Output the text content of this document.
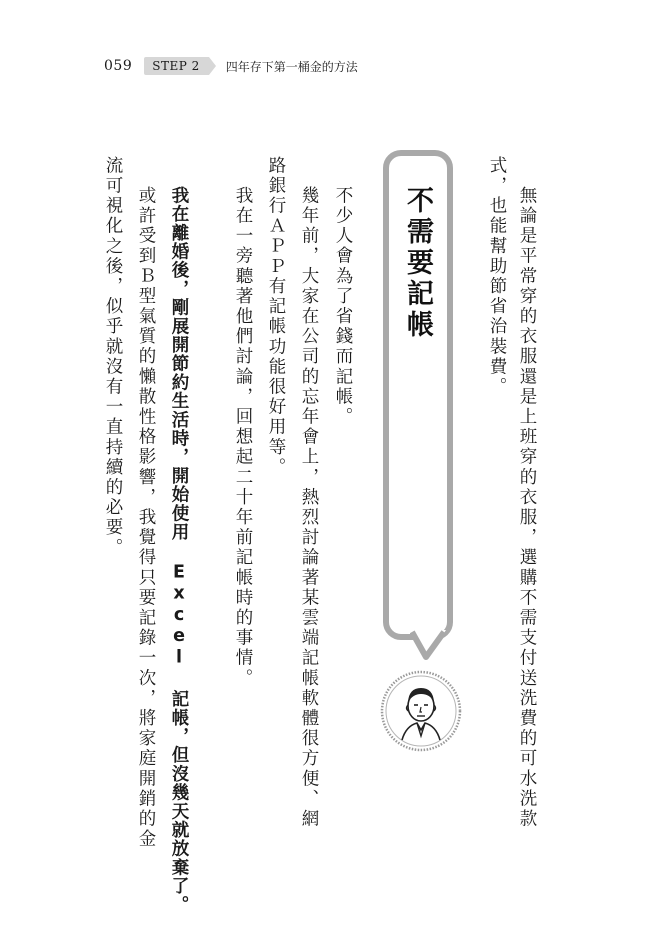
059	STEP 2	四年存下第一桶金的方法
無論是平常穿的衣服還是上班穿的衣服，選購不需支付送洗費的可水洗款
式，也能幫助節省治裝費。
不需要記帳
不少人會為了省錢而記帳。
幾年前，大家在公司的忘年會上，熱烈討論著某雲端記帳軟體很方便、網
路銀行ＡＰＰ有記帳功能很好用等。
我在一旁聽著他們討論，回想起二十年前記帳時的事情。
我在離婚後，剛展開節約生活時，開始使用 Excel 記帳，但沒幾天就放棄了。
或許受到Ｂ型氣質的懶散性格影響，我覺得只要記錄一次，將家庭開銷的金
流可視化之後，似乎就沒有一直持續的必要。
